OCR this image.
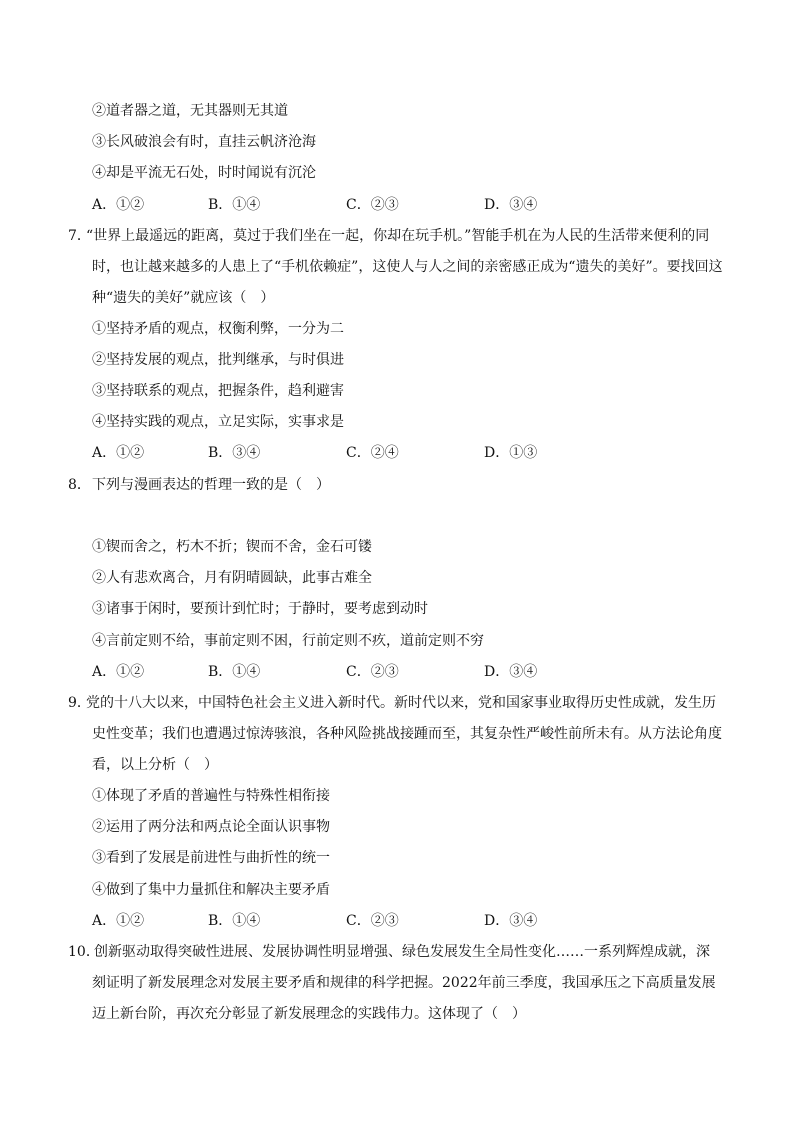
②道者器之道，无其器则无其道
③长风破浪会有时，直挂云帆济沧海
④却是平流无石处，时时闻说有沉沦
A．①②	B．①④	C．②③	D．③④
7．
“世界上最遥远的距离，莫过于我们坐在一起，你却在玩手机。”智能手机在为人民的生活带来便利的同
时，也让越来越多的人患上了“手机依赖症”，这使人与人之间的亲密感正成为“遗失的美好”。要找回这
种“遗失的美好”就应该（　）
①坚持矛盾的观点，权衡利弊，一分为二
②坚持发展的观点，批判继承，与时俱进
③坚持联系的观点，把握条件，趋利避害
④坚持实践的观点，立足实际，实事求是
A．①②	B．③④	C．②④	D．①③
8． 下列与漫画表达的哲理一致的是（　）
①锲而舍之，朽木不折；锲而不舍，金石可镂
②人有悲欢离合，月有阴晴圆缺，此事古难全
③诸事于闲时，要预计到忙时；于静时，要考虑到动时
④言前定则不给，事前定则不困，行前定则不疚，道前定则不穷
A．①②	B．①④	C．②③	D．③④
9．
党的十八大以来，中国特色社会主义进入新时代。新时代以来，党和国家事业取得历史性成就，发生历
史性变革；我们也遭遇过惊涛骇浪，各种风险挑战接踵而至，其复杂性严峻性前所未有。从方法论角度
看，以上分析（　）
①体现了矛盾的普遍性与特殊性相衔接
②运用了两分法和两点论全面认识事物
③看到了发展是前进性与曲折性的统一
④做到了集中力量抓住和解决主要矛盾
A．①②	B．①④	C．②③	D．③④
10．
创新驱动取得突破性进展、发展协调性明显增强、绿色发展发生全局性变化……一系列辉煌成就，深
刻证明了新发展理念对发展主要矛盾和规律的科学把握。2022年前三季度，我国承压之下高质量发展
迈上新台阶，再次充分彰显了新发展理念的实践伟力。这体现了（　）
